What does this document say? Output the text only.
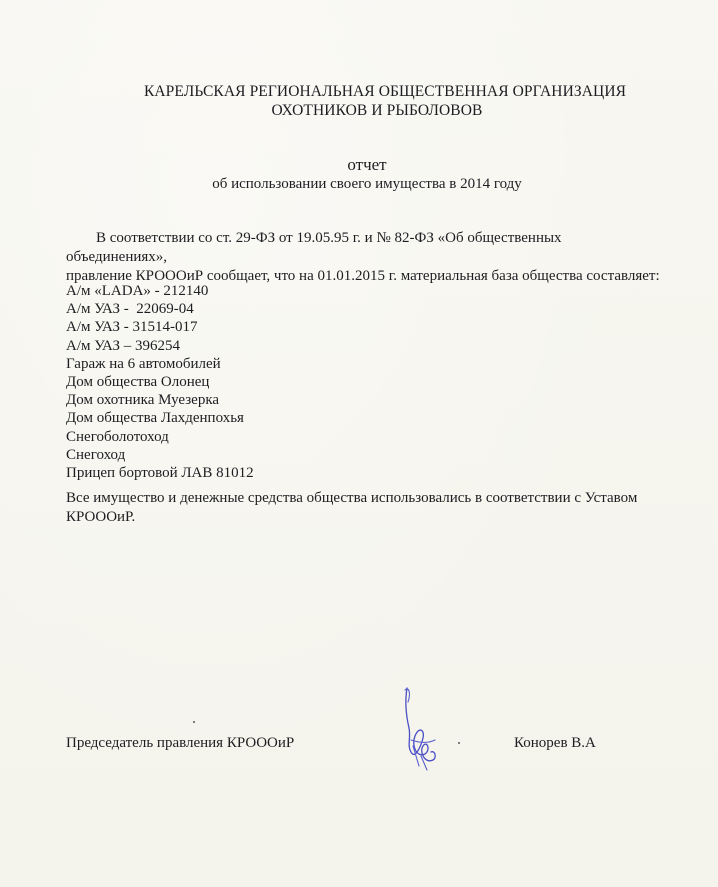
КАРЕЛЬСКАЯ РЕГИОНАЛЬНАЯ ОБЩЕСТВЕННАЯ ОРГАНИЗАЦИЯ
ОХОТНИКОВ И РЫБОЛОВОВ
отчет
об использовании своего имущества в 2014 году

В соответствии со ст. 29-ФЗ от 19.05.95 г. и № 82-ФЗ «Об общественных объединениях»,

правление КРОООиР сообщает, что на 01.01.2015 г. материальная база общества составляет:

А/м «LADA» - 212140
А/м УАЗ -  22069-04
А/м УАЗ - 31514-017
А/м УАЗ – 396254
Гараж на 6 автомобилей
Дом общества Олонец
Дом охотника Муезерка
Дом общества Лахденпохья
Снегоболотоход
Снегоход
Прицеп бортовой ЛАВ 81012

Все имущество и денежные средства общества использовались в соответствии с Уставом

КРОООиР.

Председатель правления КРОООиР	Конорев В.А
